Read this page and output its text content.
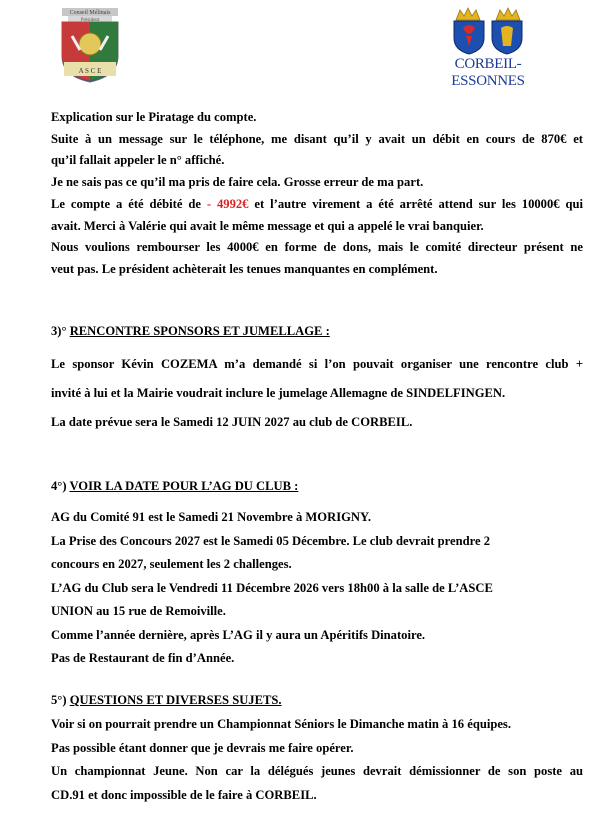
Conseil Mélinais
Président
A S C E	CORBEIL-ESSONNES
Explication sur le Piratage du compte.
Suite à un message sur le téléphone, me disant qu’il y avait un débit en cours de 870€ et
qu’il fallait appeler le n° affiché.
Je ne sais pas ce qu’il ma pris de faire cela. Grosse erreur de ma part.
Le compte a été débité de - 4992€ et l’autre virement a été arrêté attend sur les 10000€ qui
avait. Merci à Valérie qui avait le même message et qui a appelé le vrai banquier.
Nous voulions rembourser les 4000€ en forme de dons, mais le comité directeur présent ne
veut pas. Le président achèterait les tenues manquantes en complément.
3)° RENCONTRE SPONSORS ET JUMELLAGE :
Le sponsor Kévin COZEMA m’a demandé si l’on pouvait organiser une rencontre club +
invité à lui et la Mairie voudrait inclure le jumelage Allemagne de SINDELFINGEN.
La date prévue sera le Samedi 12 JUIN 2027 au club de CORBEIL.
4°) VOIR LA DATE POUR L’AG DU CLUB :
AG du Comité 91 est le Samedi 21 Novembre à MORIGNY.
La Prise des Concours 2027 est le Samedi 05 Décembre. Le club devrait prendre 2
concours en 2027, seulement les 2 challenges.
L’AG du Club sera le Vendredi 11 Décembre 2026 vers 18h00 à la salle de L’ASCE
UNION au 15 rue de Remoiville.
Comme l’année dernière, après L’AG il y aura un Apéritifs Dinatoire.
Pas de Restaurant de fin d’Année.
5°) QUESTIONS ET DIVERSES SUJETS.
Voir si on pourrait prendre un Championnat Séniors le Dimanche matin à 16 équipes.
Pas possible étant donner que je devrais me faire opérer.
Un championnat Jeune. Non car la délégués jeunes devrait démissionner de son poste au
CD.91 et donc impossible de le faire à CORBEIL.
